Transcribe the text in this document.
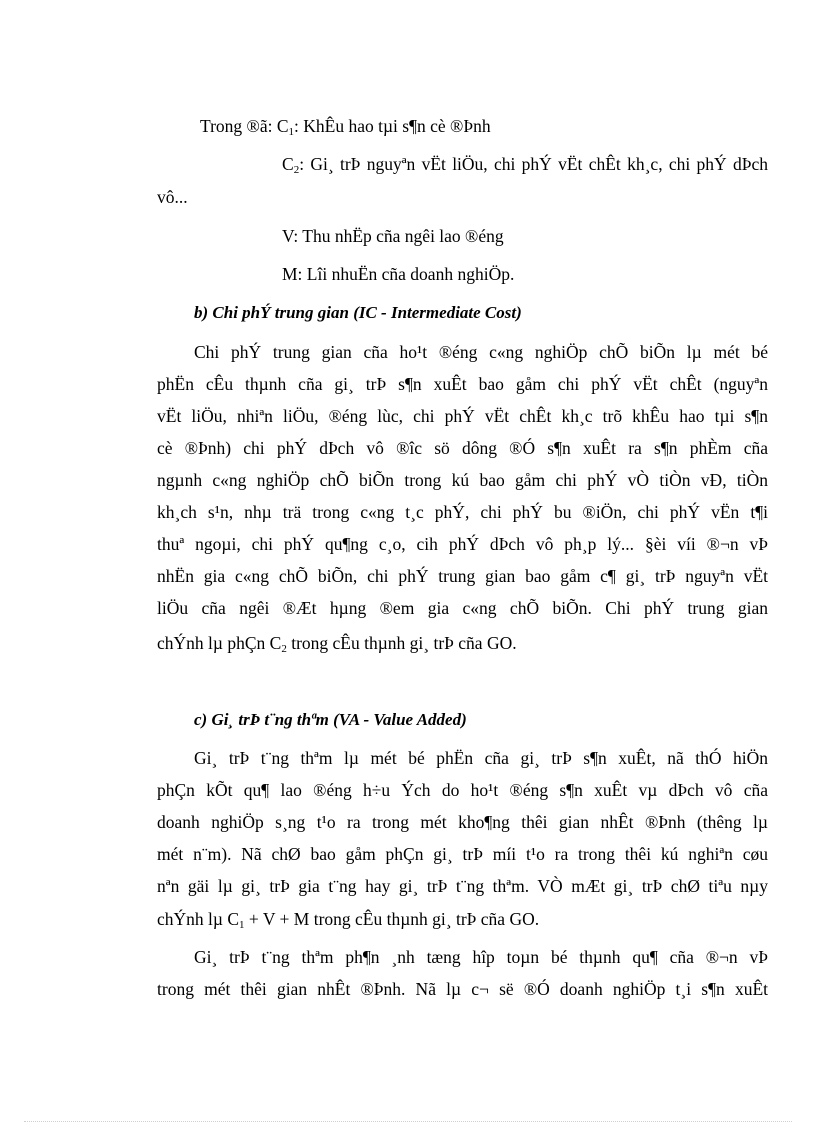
Trong ®ã: $C_1$: KhÊu hao tµi s¶n cè ®Þnh
$C_2$: Gi¸ trÞ nguyªn vËt liÖu, chi phÝ vËt chÊt kh¸c, chi phÝ dÞch
vô...
V: Thu nhËp cña ngêi lao ®éng
M: Lîi nhuËn cña doanh nghiÖp.
b) Chi phÝ trung gian (IC - Intermediate Cost)
Chi phÝ trung gian cña ho¹t ®éng c«ng nghiÖp chÕ biÕn lµ mét bé
phËn cÊu thµnh cña gi¸ trÞ s¶n xuÊt bao gåm chi phÝ vËt chÊt (nguyªn
vËt liÖu, nhiªn liÖu, ®éng lùc, chi phÝ vËt chÊt kh¸c trõ khÊu hao tµi s¶n
cè ®Þnh) chi phÝ dÞch vô ®îc sö dông ®Ó s¶n xuÊt ra s¶n phÈm cña
ngµnh c«ng nghiÖp chÕ biÕn trong kú bao gåm chi phÝ vÒ tiÒn vÐ, tiÒn
kh¸ch s¹n, nhµ trä trong c«ng t¸c phÝ, chi phÝ bu ®iÖn, chi phÝ vËn t¶i
thuª ngoµi, chi phÝ qu¶ng c¸o, cih phÝ dÞch vô ph¸p lý... §èi víi ®¬n vÞ
nhËn gia c«ng chÕ biÕn, chi phÝ trung gian bao gåm c¶ gi¸ trÞ nguyªn vËt
liÖu cña ngêi ®Æt hµng ®em gia c«ng chÕ biÕn. Chi phÝ trung gian
chÝnh lµ phÇn $C_2$ trong cÊu thµnh gi¸ trÞ cña GO.
c) Gi¸ trÞ t¨ng thªm (VA - Value Added)
Gi¸ trÞ t¨ng thªm lµ mét bé phËn cña gi¸ trÞ s¶n xuÊt, nã thÓ hiÖn
phÇn kÕt qu¶ lao ®éng h÷u Ých do ho¹t ®éng s¶n xuÊt vµ dÞch vô cña
doanh nghiÖp s¸ng t¹o ra trong mét kho¶ng thêi gian nhÊt ®Þnh (thêng lµ
mét n¨m). Nã chØ bao gåm phÇn gi¸ trÞ míi t¹o ra trong thêi kú nghiªn cøu
nªn gäi lµ gi¸ trÞ gia t¨ng hay gi¸ trÞ t¨ng thªm. VÒ mÆt gi¸ trÞ chØ tiªu nµy
chÝnh lµ $C_1 + V + M$ trong cÊu thµnh gi¸ trÞ cña GO.
Gi¸ trÞ t¨ng thªm ph¶n ¸nh tæng hîp toµn bé thµnh qu¶ cña ®¬n vÞ
trong mét thêi gian nhÊt ®Þnh. Nã lµ c¬ së ®Ó doanh nghiÖp t¸i s¶n xuÊt
